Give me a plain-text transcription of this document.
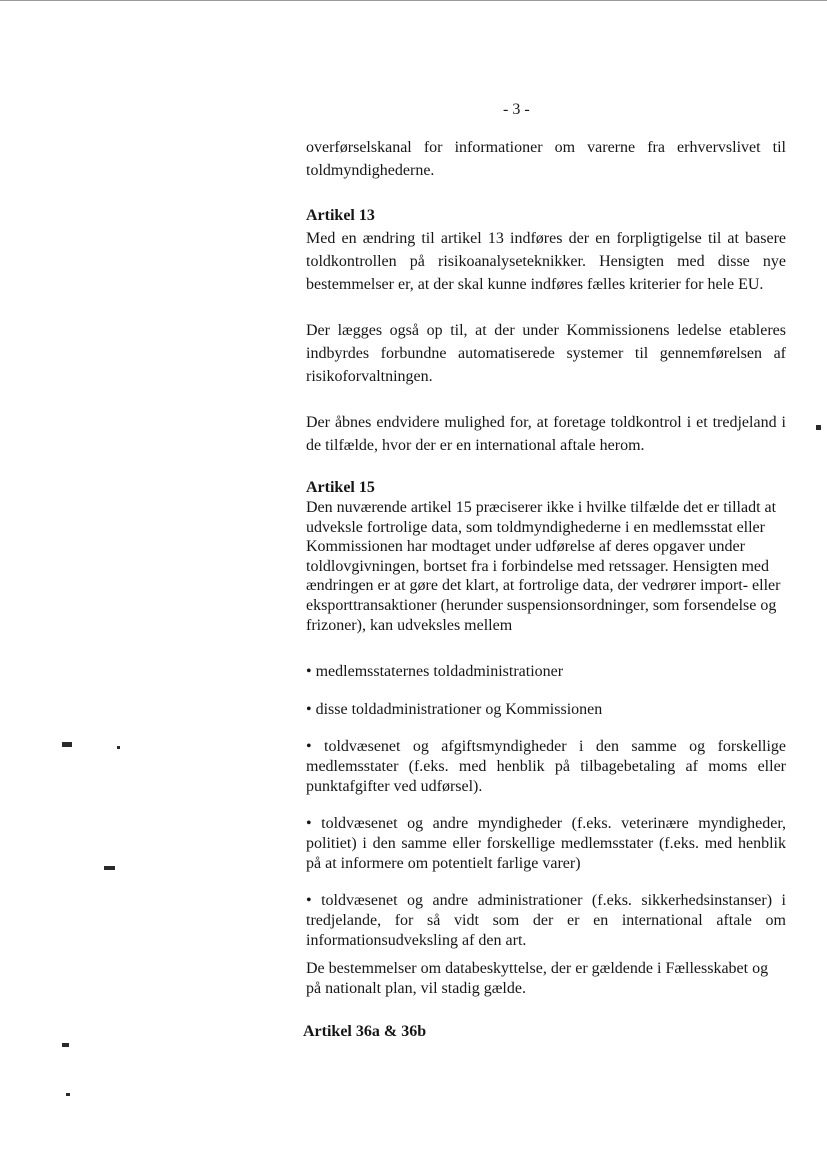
- 3 -

overførselskanal for informationer om varerne fra erhvervslivet til toldmyndighederne.

Artikel 13

Med en ændring til artikel 13 indføres der en forpligtigelse til at basere toldkontrollen på risikoanalyseteknikker. Hensigten med disse nye bestemmelser er, at der skal kunne indføres fælles kriterier for hele EU.

Der lægges også op til, at der under Kommissionens ledelse etableres indbyrdes forbundne automatiserede systemer til gennemførelsen af risikoforvaltningen.

Der åbnes endvidere mulighed for, at foretage toldkontrol i et tredjeland i de tilfælde, hvor der er en international aftale herom.

Artikel 15

Den nuværende artikel 15 præciserer ikke i hvilke tilfælde det er tilladt at udveksle fortrolige data, som toldmyndighederne i en medlemsstat eller Kommissionen har modtaget under udførelse af deres opgaver under toldlovgivningen, bortset fra i forbindelse med retssager. Hensigten med ændringen er at gøre det klart, at fortrolige data, der vedrører import- eller eksporttransaktioner (herunder suspensionsordninger, som forsendelse og frizoner), kan udveksles mellem

• medlemsstaternes toldadministrationer

• disse toldadministrationer og Kommissionen

• toldvæsenet og afgiftsmyndigheder i den samme og forskellige medlemsstater (f.eks. med henblik på tilbagebetaling af moms eller punktafgifter ved udførsel).

• toldvæsenet og andre myndigheder (f.eks. veterinære myndigheder, politiet) i den samme eller forskellige medlemsstater (f.eks. med henblik på at informere om potentielt farlige varer)

• toldvæsenet og andre administrationer (f.eks. sikkerhedsinstanser) i tredjelande, for så vidt som der er en international aftale om informationsudveksling af den art.

De bestemmelser om databeskyttelse, der er gældende i Fællesskabet og på nationalt plan, vil stadig gælde.

Artikel 36a & 36b
